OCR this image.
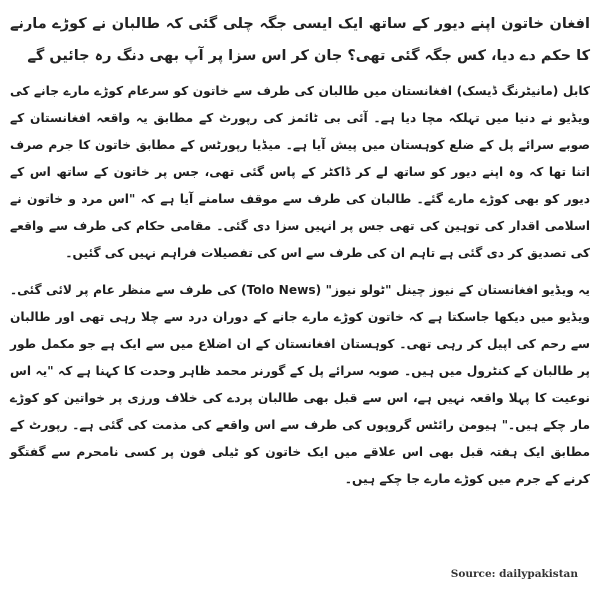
افغان خاتون اپنے دیور کے ساتھ ایک ایسی جگہ چلی گئی کہ طالبان نے کوڑے مارنے کا حکم دے دیا، کس جگہ گئی تھی؟ جان کر اس سزا پر آپ بھی دنگ رہ جائیں گے

کابل (مانیٹرنگ ڈیسک) افغانستان میں طالبان کی طرف سے خاتون کو سرعام کوڑے مارے جانے کی ویڈیو نے دنیا میں تہلکہ مچا دیا ہے۔ آئی بی ٹائمز کی رپورٹ کے مطابق یہ واقعہ افغانستان کے صوبے سرائے پل کے ضلع کوہستان میں پیش آیا ہے۔ میڈیا رپورٹس کے مطابق خاتون کا جرم صرف اتنا تھا کہ وہ اپنے دیور کو ساتھ لے کر ڈاکٹر کے پاس گئی تھی، جس پر خاتون کے ساتھ اس کے دیور کو بھی کوڑے مارے گئے۔ طالبان کی طرف سے موقف سامنے آیا ہے کہ "اس مرد و خاتون نے اسلامی اقدار کی توہین کی تھی جس پر انہیں سزا دی گئی۔ مقامی حکام کی طرف سے واقعے کی تصدیق کر دی گئی ہے تاہم ان کی طرف سے اس کی تفصیلات فراہم نہیں کی گئیں۔

یہ ویڈیو افغانستان کے نیوز چینل "ٹولو نیوز" (Tolo News) کی طرف سے منظر عام پر لائی گئی۔ ویڈیو میں دیکھا جاسکتا ہے کہ خاتون کوڑے مارے جانے کے دوران درد سے چلا رہی تھی اور طالبان سے رحم کی اپیل کر رہی تھی۔ کوہستان افغانستان کے ان اضلاع میں سے ایک ہے جو مکمل طور پر طالبان کے کنٹرول میں ہیں۔ صوبہ سرائے پل کے گورنر محمد ظاہر وحدت کا کہنا ہے کہ "یہ اس نوعیت کا پہلا واقعہ نہیں ہے، اس سے قبل بھی طالبان پردے کی خلاف ورزی پر خواتین کو کوڑے مار چکے ہیں۔" ہیومن رائٹس گروپوں کی طرف سے اس واقعے کی مذمت کی گئی ہے۔ رپورٹ کے مطابق ایک ہفتہ قبل بھی اس علاقے میں ایک خاتون کو ٹیلی فون پر کسی نامحرم سے گفتگو کرنے کے جرم میں کوڑے مارے جا چکے ہیں۔

Source: dailypakistan
